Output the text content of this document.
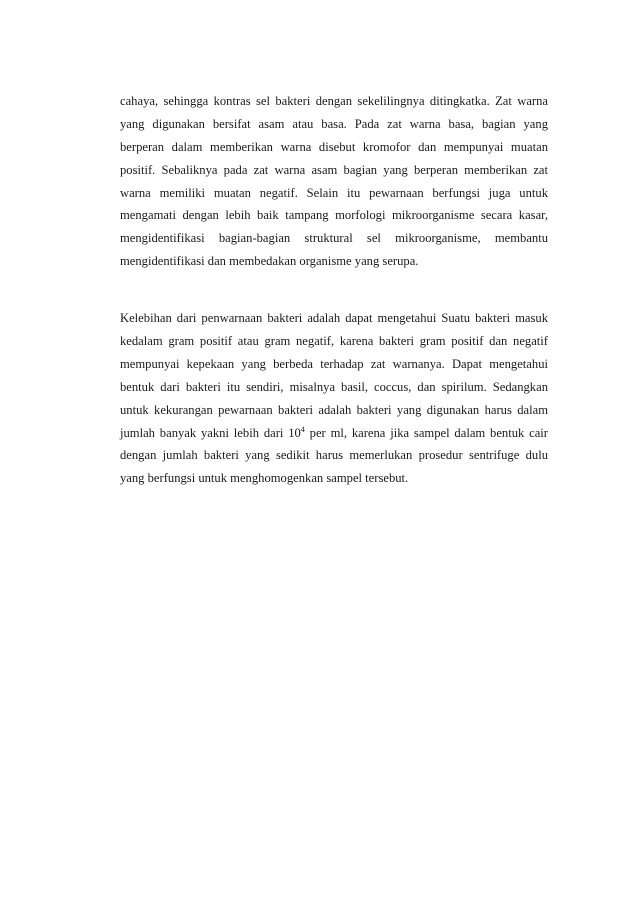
cahaya, sehingga kontras sel bakteri dengan sekelilingnya ditingkatka. Zat warna
yang digunakan bersifat asam atau basa. Pada zat warna basa, bagian yang
berperan dalam memberikan warna disebut kromofor dan mempunyai muatan
positif. Sebaliknya pada zat warna asam bagian yang berperan memberikan zat
warna memiliki muatan negatif. Selain itu pewarnaan berfungsi juga untuk
mengamati dengan lebih baik tampang morfologi mikroorganisme secara kasar,
mengidentifikasi bagian-bagian struktural sel mikroorganisme, membantu
mengidentifikasi dan membedakan organisme yang serupa.
Kelebihan dari penwarnaan bakteri adalah dapat mengetahui Suatu bakteri masuk
kedalam gram positif atau gram negatif, karena bakteri gram positif dan negatif
mempunyai kepekaan yang berbeda terhadap zat warnanya. Dapat mengetahui
bentuk dari bakteri itu sendiri, misalnya basil, coccus, dan spirilum. Sedangkan
untuk kekurangan pewarnaan bakteri adalah bakteri yang digunakan harus dalam
jumlah banyak yakni lebih dari $10^4$ per ml, karena jika sampel dalam bentuk cair
dengan jumlah bakteri yang sedikit harus memerlukan prosedur sentrifuge dulu
yang berfungsi untuk menghomogenkan sampel tersebut.
